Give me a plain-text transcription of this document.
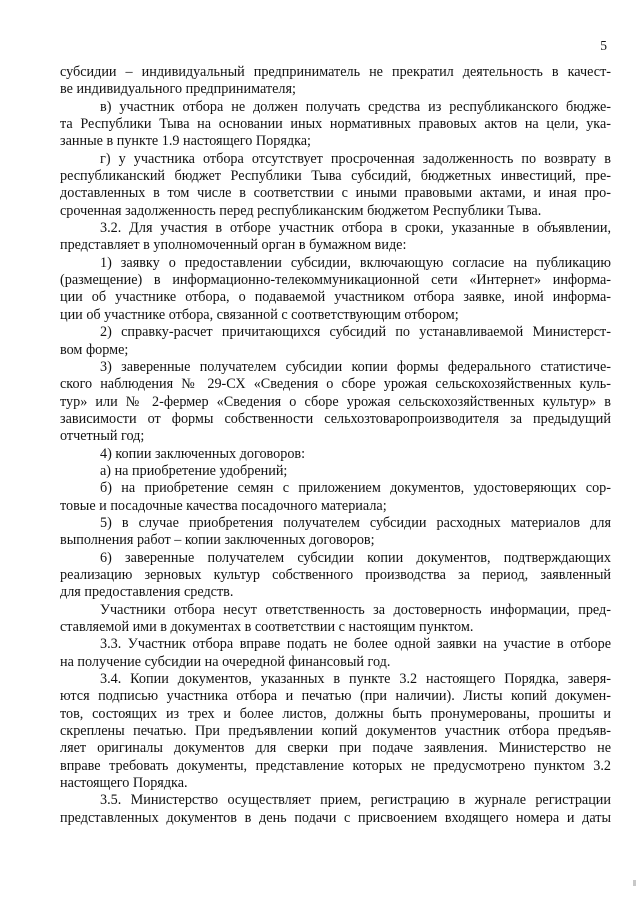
5
субсидии – индивидуальный предприниматель не прекратил деятельность в качест-
ве индивидуального предпринимателя;
в) участник отбора не должен получать средства из республиканского бюдже-
та Республики Тыва на основании иных нормативных правовых актов на цели, ука-
занные в пункте 1.9 настоящего Порядка;
г) у участника отбора отсутствует просроченная задолженность по возврату в
республиканский бюджет Республики Тыва субсидий, бюджетных инвестиций, пре-
доставленных в том числе в соответствии с иными правовыми актами, и иная про-
сроченная задолженность перед республиканским бюджетом Республики Тыва.
3.2. Для участия в отборе участник отбора в сроки, указанные в объявлении,
представляет в уполномоченный орган в бумажном виде:
1) заявку о предоставлении субсидии, включающую согласие на публикацию
(размещение) в информационно-телекоммуникационной сети «Интернет» информа-
ции об участнике отбора, о подаваемой участником отбора заявке, иной информа-
ции об участнике отбора, связанной с соответствующим отбором;
2) справку-расчет причитающихся субсидий по устанавливаемой Министерст-
вом форме;
3) заверенные получателем субсидии копии формы федерального статистиче-
ского наблюдения № 29-СХ «Сведения о сборе урожая сельскохозяйственных куль-
тур» или № 2-фермер «Сведения о сборе урожая сельскохозяйственных культур» в
зависимости от формы собственности сельхозтоваропроизводителя за предыдущий
отчетный год;
4) копии заключенных договоров:
а) на приобретение удобрений;
б) на приобретение семян с приложением документов, удостоверяющих сор-
товые и посадочные качества посадочного материала;
5) в случае приобретения получателем субсидии расходных материалов для
выполнения работ – копии заключенных договоров;
6) заверенные получателем субсидии копии документов, подтверждающих
реализацию зерновых культур собственного производства за период, заявленный
для предоставления средств.
Участники отбора несут ответственность за достоверность информации, пред-
ставляемой ими в документах в соответствии с настоящим пунктом.
3.3. Участник отбора вправе подать не более одной заявки на участие в отборе
на получение субсидии на очередной финансовый год.
3.4. Копии документов, указанных в пункте 3.2 настоящего Порядка, заверя-
ются подписью участника отбора и печатью (при наличии). Листы копий докумен-
тов, состоящих из трех и более листов, должны быть пронумерованы, прошиты и
скреплены печатью. При предъявлении копий документов участник отбора предъяв-
ляет оригиналы документов для сверки при подаче заявления. Министерство не
вправе требовать документы, представление которых не предусмотрено пунктом 3.2
настоящего Порядка.
3.5. Министерство осуществляет прием, регистрацию в журнале регистрации
представленных документов в день подачи с присвоением входящего номера и даты
